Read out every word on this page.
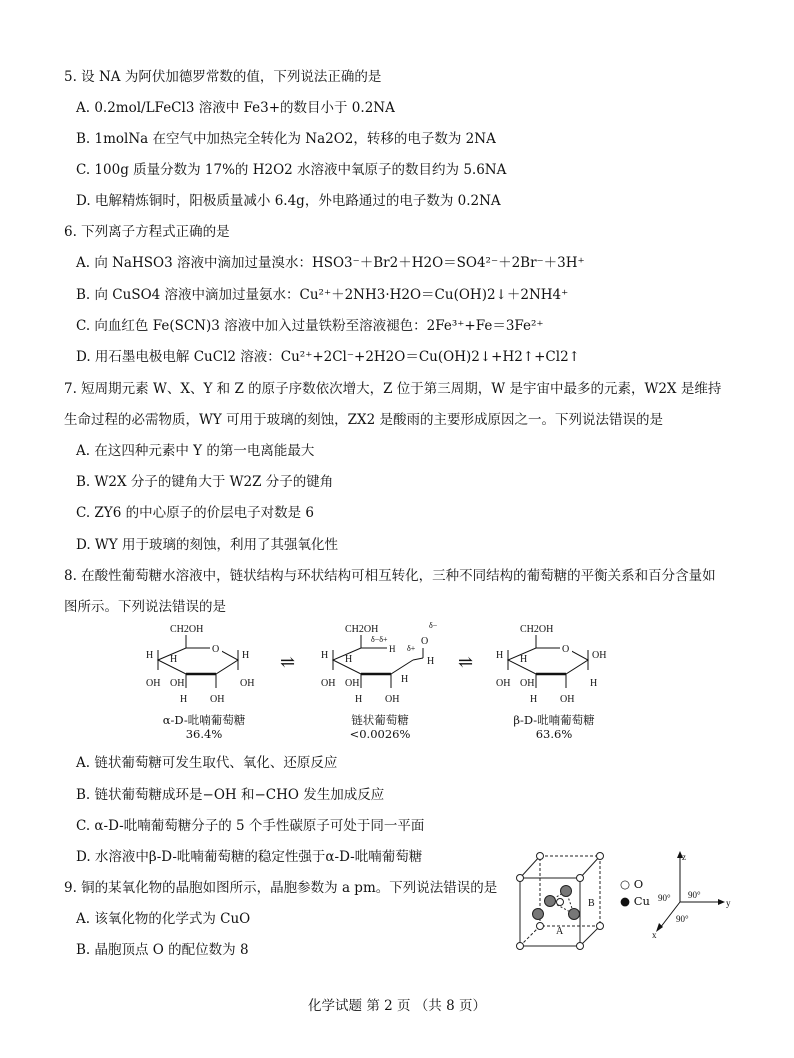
5. 设 NA 为阿伏加德罗常数的值，下列说法正确的是
A. 0.2mol/LFeCl3 溶液中 Fe3+的数目小于 0.2NA
B. 1molNa 在空气中加热完全转化为 Na2O2，转移的电子数为 2NA
C. 100g 质量分数为 17%的 H2O2 水溶液中氧原子的数目约为 5.6NA
D. 电解精炼铜时，阳极质量减小 6.4g，外电路通过的电子数为 0.2NA
6. 下列离子方程式正确的是
A. 向 NaHSO3 溶液中滴加过量溴水：HSO3⁻＋Br2＋H2O＝SO4²⁻＋2Br⁻＋3H⁺
B. 向 CuSO4 溶液中滴加过量氨水：Cu²⁺＋2NH3·H2O＝Cu(OH)2↓＋2NH4⁺
C. 向血红色 Fe(SCN)3 溶液中加入过量铁粉至溶液褪色：2Fe³⁺+Fe＝3Fe²⁺
D. 用石墨电极电解 CuCl2 溶液：Cu²⁺+2Cl⁻+2H2O＝Cu(OH)2↓+H2↑+Cl2↑
7. 短周期元素 W、X、Y 和 Z 的原子序数依次增大，Z 位于第三周期，W 是宇宙中最多的元素，W2X 是维持
生命过程的必需物质，WY 可用于玻璃的刻蚀，ZX2 是酸雨的主要形成原因之一。下列说法错误的是
A. 在这四种元素中 Y 的第一电离能最大
B. W2X 分子的键角大于 W2Z 分子的键角
C. ZY6 的中心原子的价层电子对数是 6
D. WY 用于玻璃的刻蚀，利用了其强氧化性
8. 在酸性葡萄糖水溶液中，链状结构与环状结构可相互转化，三种不同结构的葡萄糖的平衡关系和百分含量如
图所示。下列说法错误的是
CH2OH
O
H	H
H
OH OH	OH
H OH
α-D-吡喃葡萄糖
36.4%
⇌
CH2OH
δ−δ+
H δ+
O
δ−
H
H H
OH OH	H
H OH
链状葡萄糖
<0.0026%
⇌
CH2OH
O
H	OH
H
OH OH	H
H OH
β-D-吡喃葡萄糖
63.6%
A. 链状葡萄糖可发生取代、氧化、还原反应
B. 链状葡萄糖成环是−OH 和−CHO 发生加成反应
C. α-D-吡喃葡萄糖分子的 5 个手性碳原子可处于同一平面
D. 水溶液中β-D-吡喃葡萄糖的稳定性强于α-D-吡喃葡萄糖
9. 铜的某氧化物的晶胞如图所示，晶胞参数为 a pm。下列说法错误的是
A. 该氧化物的化学式为 CuO
B. 晶胞顶点 O 的配位数为 8
A
B
○ O
● Cu
z
y
x
90° 90°
90°
化学试题 第 2 页 （共 8 页）
